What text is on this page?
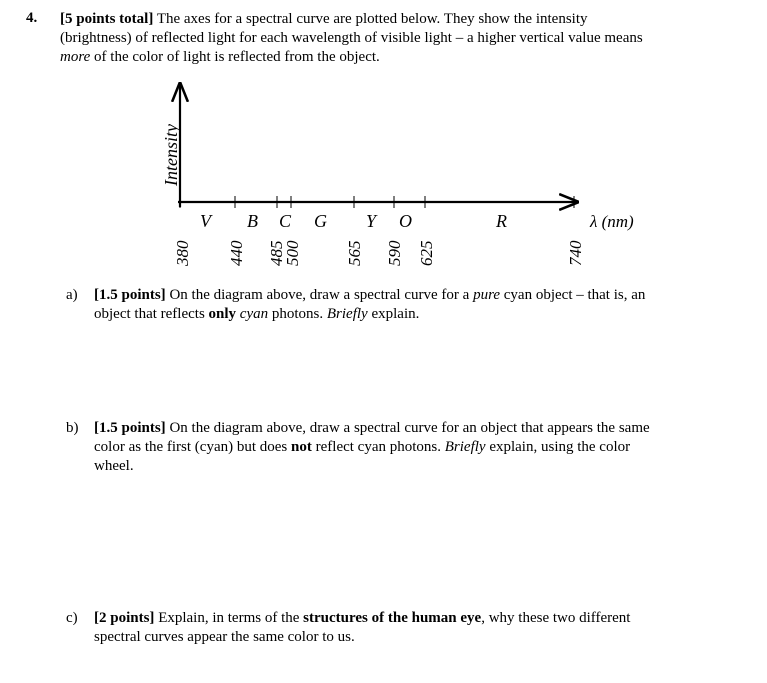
4. [5 points total] The axes for a spectral curve are plotted below. They show the intensity
(brightness) of reflected light for each wavelength of visible light – a higher vertical value means
more of the color of light is reflected from the object.
Intensity
λ (nm)
V B C G Y O	R
380 440 485
500	565 590 625	740
a) [1.5 points] On the diagram above, draw a spectral curve for a pure cyan object – that is, an
object that reflects only cyan photons. Briefly explain.
b) [1.5 points] On the diagram above, draw a spectral curve for an object that appears the same
color as the first (cyan) but does not reflect cyan photons. Briefly explain, using the color
wheel.
c) [2 points] Explain, in terms of the structures of the human eye, why these two different
spectral curves appear the same color to us.
